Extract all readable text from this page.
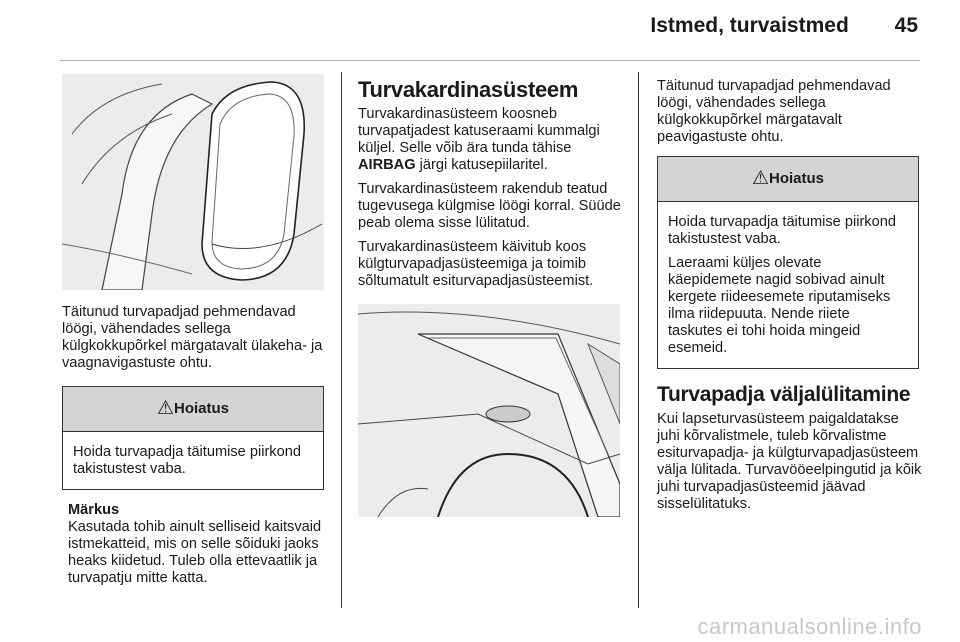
Istmed, turvaistmed 45

Täitunud turvapadjad pehmendavad löögi, vähendades sellega külgkokkupõrkel märgatavalt ülakeha- ja vaagnavigastuste ohtu.

⚠Hoiatus

Hoida turvapadja täitumise piirkond takistustest vaba.

Märkus
Kasutada tohib ainult selliseid kaitsvaid istmekatteid, mis on selle sõiduki jaoks heaks kiidetud. Tuleb olla ettevaatlik ja turvapatju mitte katta.
Turvakardinasüsteem

Turvakardinasüsteem koosneb turvapatjadest katuseraami kummalgi küljel. Selle võib ära tunda tähise AIRBAG järgi katusepiilaritel.

Turvakardinasüsteem rakendub teatud tugevusega külgmise löögi korral. Süüde peab olema sisse lülitatud.

Turvakardinasüsteem käivitub koos külgturvapadjasüsteemiga ja toimib sõltumatult esiturvapadjasüsteemist.

Täitunud turvapadjad pehmendavad löögi, vähendades sellega külgkokkupõrkel märgatavalt peavigastuste ohtu.

⚠Hoiatus

Hoida turvapadja täitumise piirkond takistustest vaba.

Laeraami küljes olevate käepidemete nagid sobivad ainult kergete riideesemete riputamiseks ilma riidepuuta. Nende riiete taskutes ei tohi hoida mingeid esemeid.

Turvapadja väljalülitamine

Kui lapseturvasüsteem paigaldatakse juhi kõrvalistmele, tuleb kõrvalistme esiturvapadja- ja külgturvapadjasüsteem välja lülitada. Turvavööeelpingutid ja kõik juhi turvapadjasüsteemid jäävad sisselülitatuks.

carmanualsonline.info
